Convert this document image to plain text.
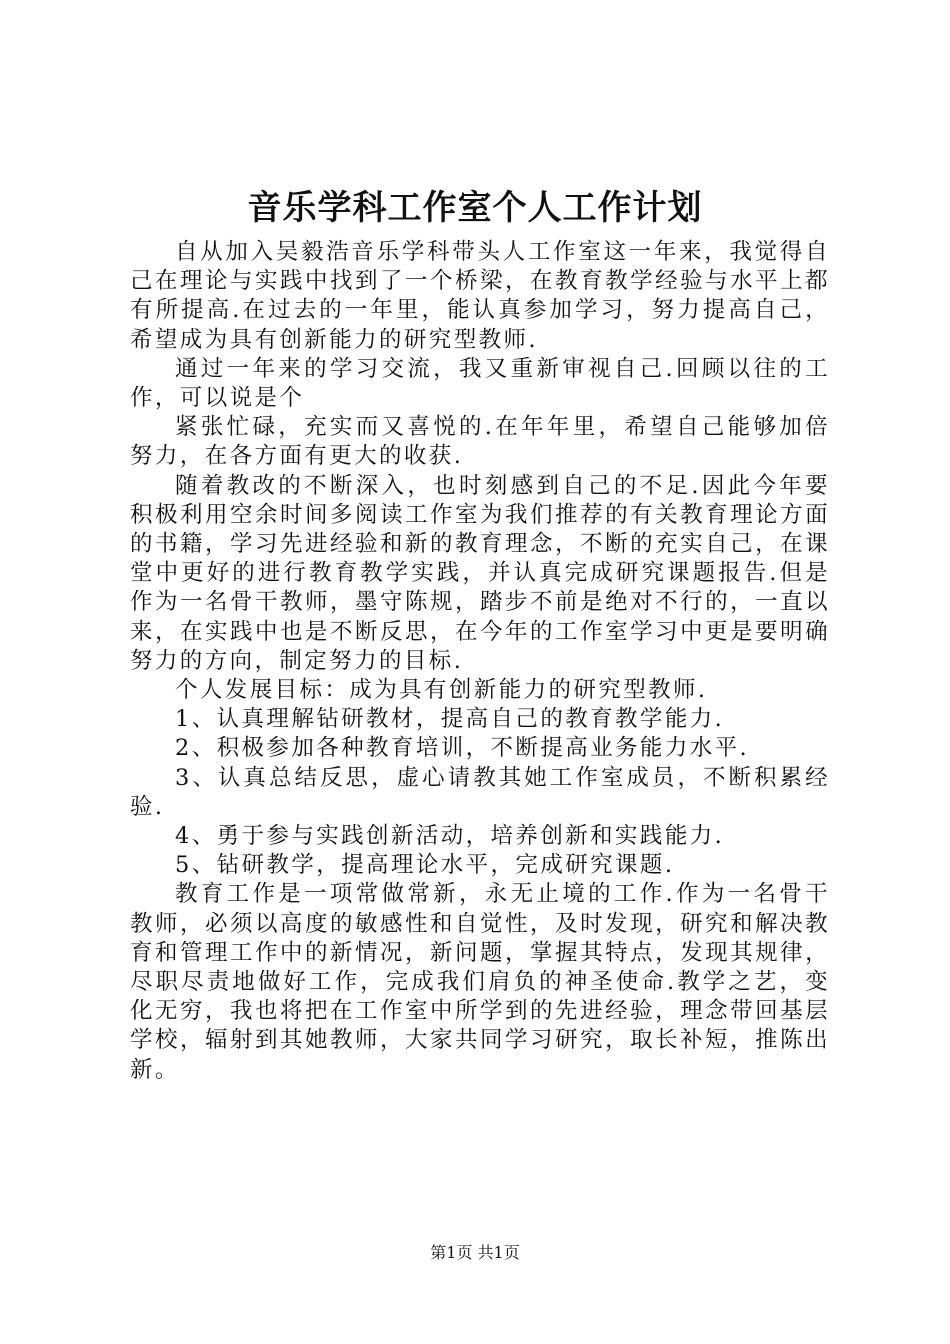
音乐学科工作室个人工作计划

自从加入吴毅浩音乐学科带头人工作室这一年来，我觉得自己在理论与实践中找到了一个桥梁，在教育教学经验与水平上都有所提高.在过去的一年里，能认真参加学习，努力提高自己，希望成为具有创新能力的研究型教师.

通过一年来的学习交流，我又重新审视自己.回顾以往的工作，可以说是个

紧张忙碌，充实而又喜悦的.在年年里，希望自己能够加倍努力，在各方面有更大的收获.

随着教改的不断深入，也时刻感到自己的不足.因此今年要积极利用空余时间多阅读工作室为我们推荐的有关教育理论方面的书籍，学习先进经验和新的教育理念，不断的充实自己，在课堂中更好的进行教育教学实践，并认真完成研究课题报告.但是作为一名骨干教师，墨守陈规，踏步不前是绝对不行的，一直以来，在实践中也是不断反思，在今年的工作室学习中更是要明确努力的方向，制定努力的目标.

个人发展目标：成为具有创新能力的研究型教师.

1、认真理解钻研教材，提高自己的教育教学能力.

2、积极参加各种教育培训，不断提高业务能力水平.

3、认真总结反思，虚心请教其她工作室成员，不断积累经验.

4、勇于参与实践创新活动，培养创新和实践能力.

5、钻研教学，提高理论水平，完成研究课题.

教育工作是一项常做常新，永无止境的工作.作为一名骨干教师，必须以高度的敏感性和自觉性，及时发现，研究和解决教育和管理工作中的新情况，新问题，掌握其特点，发现其规律，尽职尽责地做好工作，完成我们肩负的神圣使命.教学之艺，变化无穷，我也将把在工作室中所学到的先进经验，理念带回基层学校，辐射到其她教师，大家共同学习研究，取长补短，推陈出新。

第1页 共1页
